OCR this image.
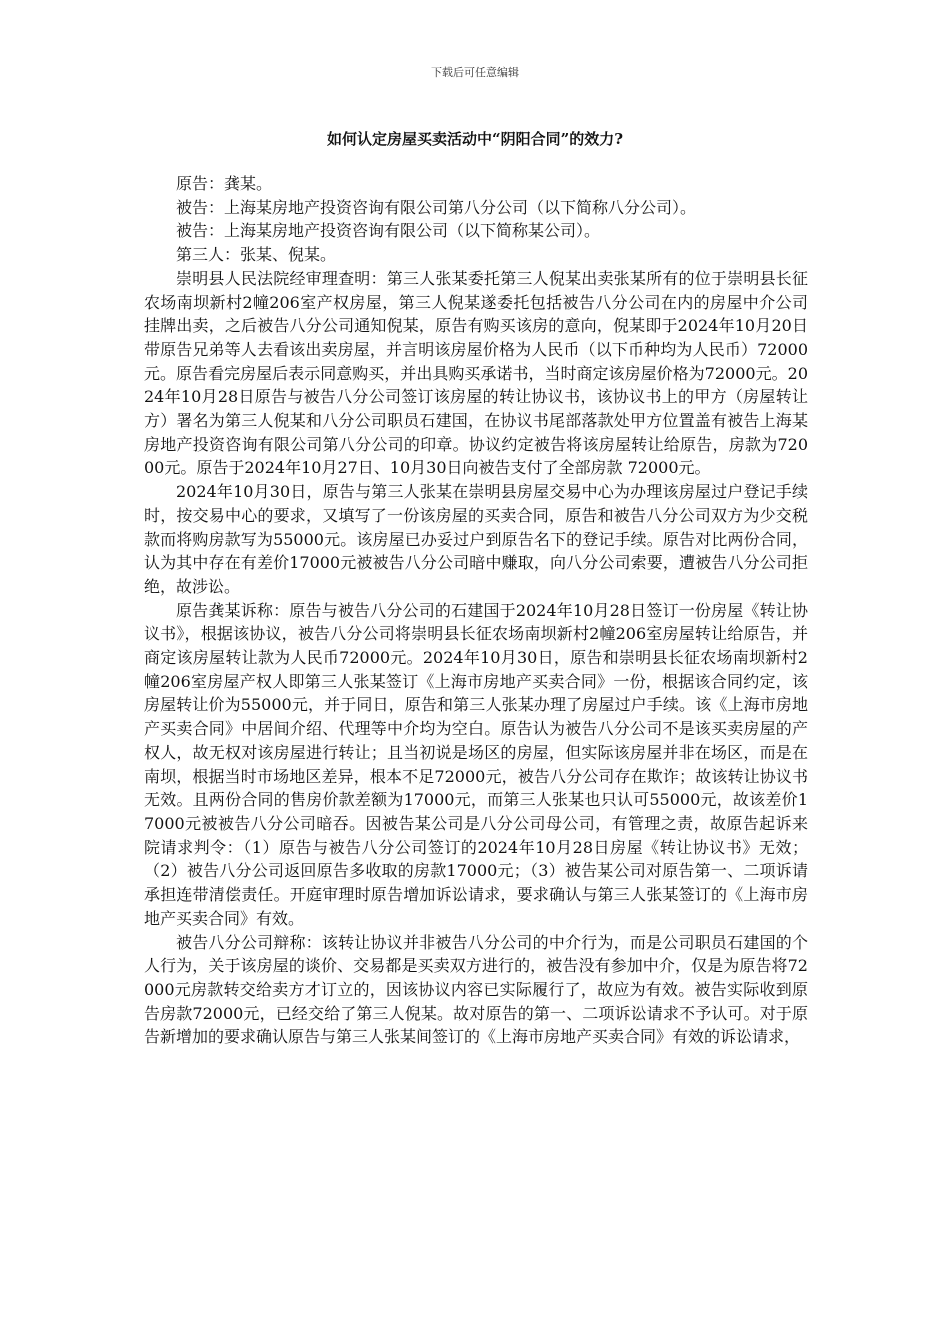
下载后可任意编辑
如何认定房屋买卖活动中“阴阳合同”的效力?

原告：龚某。

被告：上海某房地产投资咨询有限公司第八分公司（以下简称八分公司）。

被告：上海某房地产投资咨询有限公司（以下简称某公司）。

第三人：张某、倪某。

崇明县人民法院经审理查明：第三人张某委托第三人倪某出卖张某所有的位于崇明县长征农场南坝新村2幢206室产权房屋，第三人倪某遂委托包括被告八分公司在内的房屋中介公司挂牌出卖，之后被告八分公司通知倪某，原告有购买该房的意向，倪某即于2024年10月20日带原告兄弟等人去看该出卖房屋，并言明该房屋价格为人民币（以下币种均为人民币）72000元。原告看完房屋后表示同意购买，并出具购买承诺书，当时商定该房屋价格为72000元。2024年10月28日原告与被告八分公司签订该房屋的转让协议书，该协议书上的甲方（房屋转让方）署名为第三人倪某和八分公司职员石建国，在协议书尾部落款处甲方位置盖有被告上海某房地产投资咨询有限公司第八分公司的印章。协议约定被告将该房屋转让给原告，房款为72000元。原告于2024年10月27日、10月30日向被告支付了全部房款 72000元。

2024年10月30日，原告与第三人张某在崇明县房屋交易中心为办理该房屋过户登记手续时，按交易中心的要求，又填写了一份该房屋的买卖合同，原告和被告八分公司双方为少交税款而将购房款写为55000元。该房屋已办妥过户到原告名下的登记手续。原告对比两份合同，认为其中存在有差价17000元被被告八分公司暗中赚取，向八分公司索要，遭被告八分公司拒绝，故涉讼。

原告龚某诉称：原告与被告八分公司的石建国于2024年10月28日签订一份房屋《转让协议书》，根据该协议，被告八分公司将崇明县长征农场南坝新村2幢206室房屋转让给原告，并商定该房屋转让款为人民币72000元。2024年10月30日，原告和崇明县长征农场南坝新村2幢206室房屋产权人即第三人张某签订《上海市房地产买卖合同》一份，根据该合同约定，该房屋转让价为55000元，并于同日，原告和第三人张某办理了房屋过户手续。该《上海市房地产买卖合同》中居间介绍、代理等中介均为空白。原告认为被告八分公司不是该买卖房屋的产权人，故无权对该房屋进行转让；且当初说是场区的房屋，但实际该房屋并非在场区，而是在南坝，根据当时市场地区差异，根本不足72000元，被告八分公司存在欺诈；故该转让协议书无效。且两份合同的售房价款差额为17000元，而第三人张某也只认可55000元，故该差价17000元被被告八分公司暗吞。因被告某公司是八分公司母公司，有管理之责，故原告起诉来院请求判令：（1）原告与被告八分公司签订的2024年10月28日房屋《转让协议书》无效；（2）被告八分公司返回原告多收取的房款17000元；（3）被告某公司对原告第一、二项诉请承担连带清偿责任。开庭审理时原告增加诉讼请求，要求确认与第三人张某签订的《上海市房地产买卖合同》有效。

被告八分公司辩称：该转让协议并非被告八分公司的中介行为，而是公司职员石建国的个人行为，关于该房屋的谈价、交易都是买卖双方进行的，被告没有参加中介，仅是为原告将72000元房款转交给卖方才订立的，因该协议内容已实际履行了，故应为有效。被告实际收到原告房款72000元，已经交给了第三人倪某。故对原告的第一、二项诉讼请求不予认可。对于原告新增加的要求确认原告与第三人张某间签订的《上海市房地产买卖合同》有效的诉讼请求，
